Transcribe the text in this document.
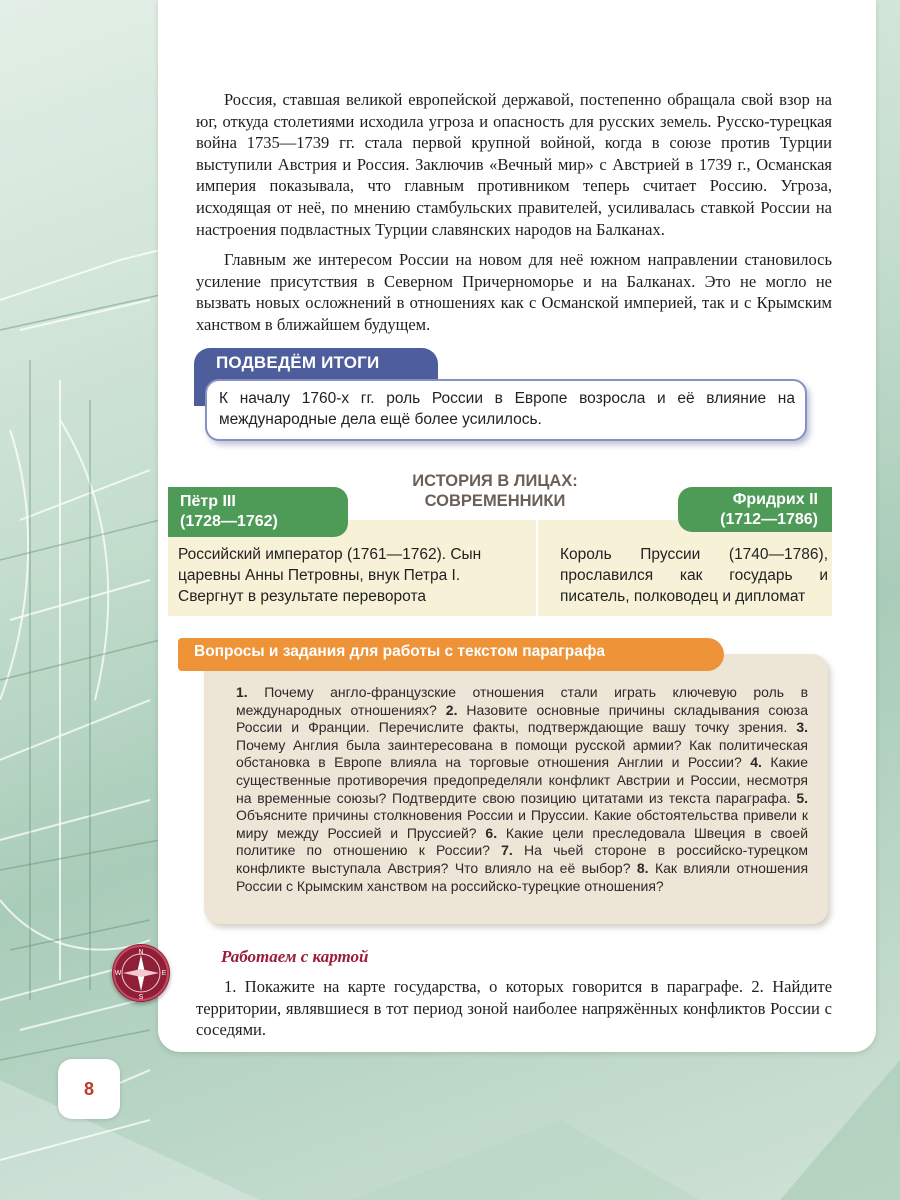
Россия, ставшая великой европейской державой, постепенно обращала свой взор на юг, откуда столетиями исходила угроза и опасность для русских земель. Русско-турецкая война 1735—1739 гг. стала первой крупной войной, когда в союзе против Турции выступили Австрия и Россия. Заключив «Вечный мир» с Австрией в 1739 г., Османская империя показывала, что главным противником теперь считает Россию. Угроза, исходящая от неё, по мнению стамбульских правителей, усиливалась ставкой России на настроения подвластных Турции славянских народов на Балканах.

Главным же интересом России на новом для неё южном направлении становилось усиление присутствия в Северном Причерноморье и на Балканах. Это не могло не вызвать новых осложнений в отношениях как с Османской империей, так и с Крымским ханством в ближайшем будущем.

ПОДВЕДЁМ ИТОГИ
К началу 1760-х гг. роль России в Европе возросла и её влияние на международные дела ещё более усилилось.
ИСТОРИЯ В ЛИЦАХ:
СОВРЕМЕННИКИ
Российский император (1761—1762). Сын царевны Анны Петровны, внук Петра I. Свергнут в результате переворота
Король Пруссии (1740—1786), прославился как государь и писатель, полководец и дипломат
Пётр III
(1728—1762)
Фридрих II
(1712—1786)
Вопросы и задания для работы с текстом параграфа
1. Почему англо-французские отношения стали играть ключевую роль в международных отношениях? 2. Назовите основные причины складывания союза России и Франции. Перечислите факты, подтверждающие вашу точку зрения. 3. Почему Англия была заинтересована в помощи русской армии? Как политическая обстановка в Европе влияла на торговые отношения Англии и России? 4. Какие существенные противоречия предопределяли конфликт Австрии и России, несмотря на временные союзы? Подтвердите свою позицию цитатами из текста параграфа. 5. Объясните причины столкновения России и Пруссии. Какие обстоятельства привели к миру между Россией и Пруссией? 6. Какие цели преследовала Швеция в своей политике по отношению к России? 7. На чьей стороне в российско-турецком конфликте выступала Австрия? Что влияло на её выбор? 8. Как влияли отношения России с Крымским ханством на российско-турецкие отношения?
N
E
S
W
Работаем с картой

1. Покажите на карте государства, о которых говорится в параграфе. 2. Найдите территории, являвшиеся в тот период зоной наиболее напряжённых конфликтов России с соседями.

8
